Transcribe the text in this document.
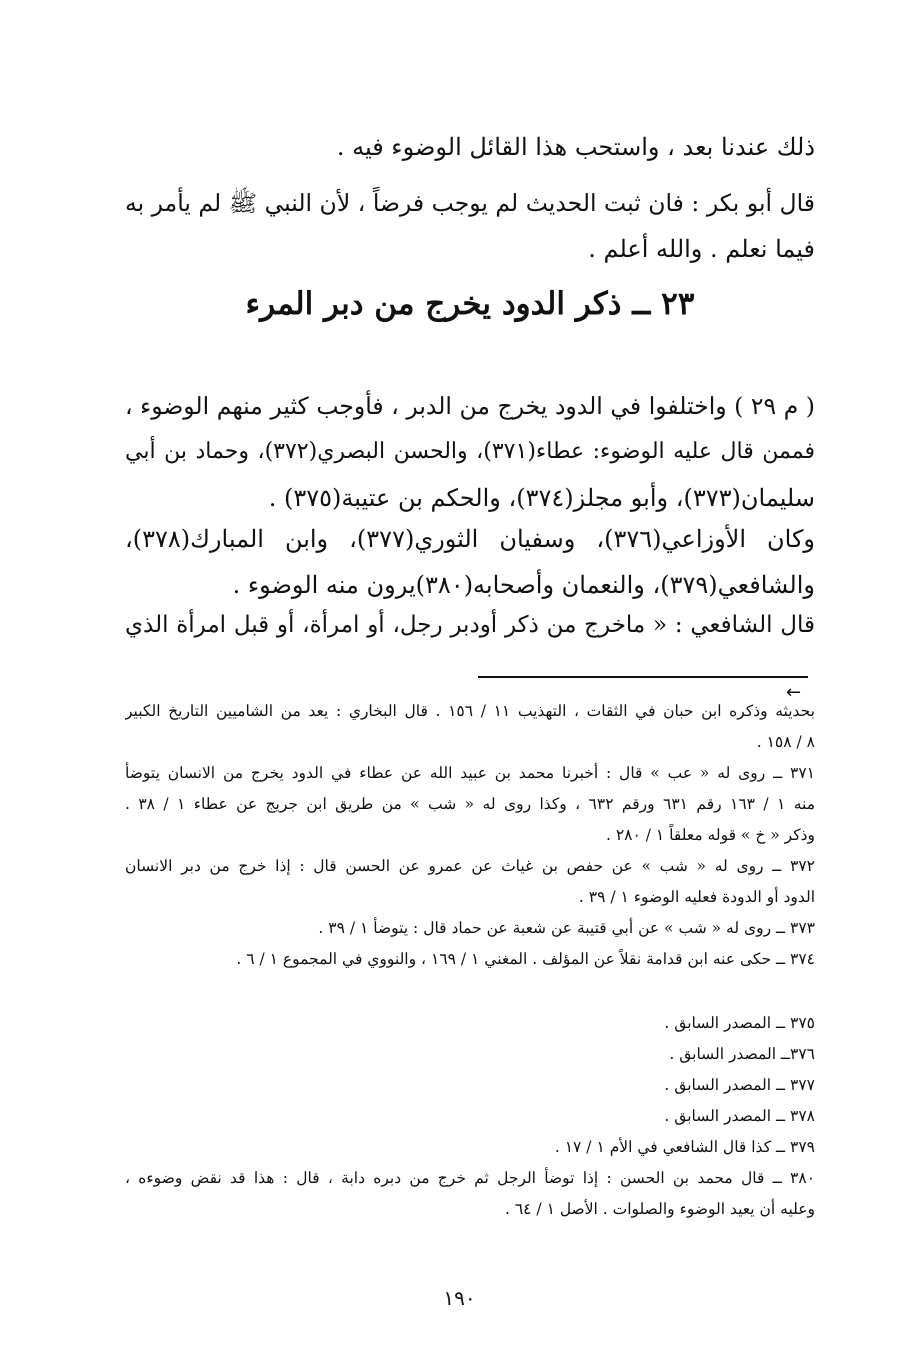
ذلك عندنا بعد ، واستحب هذا القائل الوضوء فيه .

قال أبو بكر : فان ثبت الحديث لم يوجب فرضاً ، لأن النبي ﷺ لم يأمر به

فيما نعلم . والله أعلم .

٢٣ ــ ذكر الدود يخرج من دبر المرء

( م ٢٩ ) واختلفوا في الدود يخرج من الدبر ، فأوجب كثير منهم الوضوء ،

فممن قال عليه الوضوء: عطاء(٣٧١)، والحسن البصري(٣٧٢)، وحماد بن أبي

سليمان(٣٧٣)، وأبو مجلز(٣٧٤)، والحكم بن عتيبة(٣٧٥) .

وكان الأوزاعي(٣٧٦)، وسفيان الثوري(٣٧٧)، وابن المبارك(٣٧٨)،

والشافعي(٣٧٩)، والنعمان وأصحابه(٣٨٠)يرون منه الوضوء .

قال الشافعي : « ماخرج من ذكر أودبر رجل، أو امرأة، أو قبل امرأة الذي

←

بحديثه وذكره ابن حبان في الثقات ، التهذيب ١١ / ١٥٦ . قال البخاري : يعد من الشاميين التاريخ الكبير

٨ / ١٥٨ .

٣٧١ ــ روى له « عب » قال : أخبرنا محمد بن عبيد الله عن عطاء في الدود يخرج من الانسان يتوضأ

منه ١ / ١٦٣ رقم ٦٣١ ورقم ٦٣٢ ، وكذا روى له « شب » من طريق ابن جريج عن عطاء ١ / ٣٨ .

وذكر « خ » قوله معلقاً ١ / ٢٨٠ .

٣٧٢ ــ روى له « شب » عن حفص بن غياث عن عمرو عن الحسن قال : إذا خرج من دبر الانسان

الدود أو الدودة فعليه الوضوء ١ / ٣٩ .

٣٧٣ ــ روى له « شب » عن أبي قتيبة عن شعبة عن حماد قال : يتوضأ ١ / ٣٩ .

٣٧٤ ــ حكى عنه ابن قدامة نقلاً عن المؤلف . المغني ١ / ١٦٩ ، والنووي في المجموع ١ / ٦ .

٣٧٥ ــ المصدر السابق .

٣٧٦ــ المصدر السابق .

٣٧٧ ــ المصدر السابق .

٣٧٨ ــ المصدر السابق .

٣٧٩ ــ كذا قال الشافعي في الأم ١ / ١٧ .

٣٨٠ ــ قال محمد بن الحسن : إذا توضأ الرجل ثم خرج من دبره دابة ، قال : هذا قد نقض وضوءه ،

وعليه أن يعيد الوضوء والصلوات . الأصل ١ / ٦٤ .

١٩٠
